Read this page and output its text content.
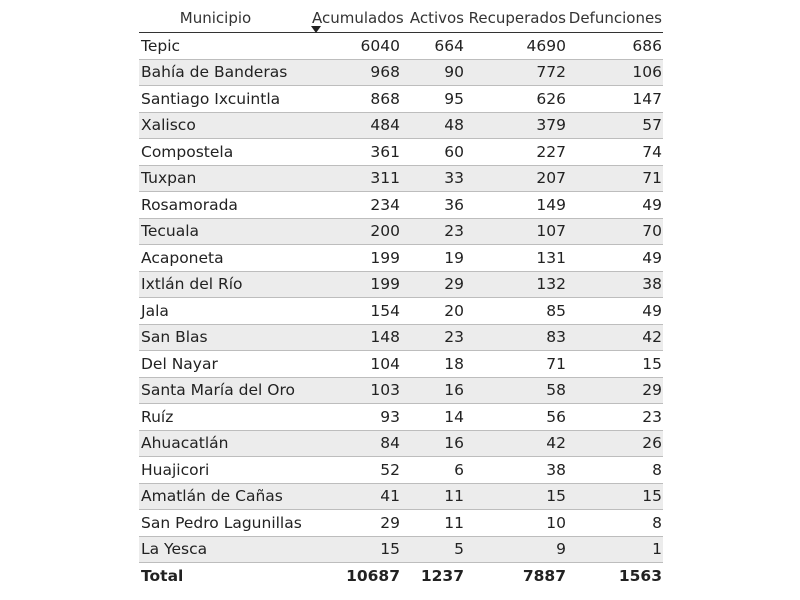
Municipio	Acumulados	Activos	Recuperados	Defunciones
Tepic	6040	664	4690	686
Bahía de Banderas	968	90	772	106
Santiago Ixcuintla	868	95	626	147
Xalisco	484	48	379	57
Compostela	361	60	227	74
Tuxpan	311	33	207	71
Rosamorada	234	36	149	49
Tecuala	200	23	107	70
Acaponeta	199	19	131	49
Ixtlán del Río	199	29	132	38
Jala	154	20	85	49
San Blas	148	23	83	42
Del Nayar	104	18	71	15
Santa María del Oro	103	16	58	29
Ruíz	93	14	56	23
Ahuacatlán	84	16	42	26
Huajicori	52	6	38	8
Amatlán de Cañas	41	11	15	15
San Pedro Lagunillas	29	11	10	8
La Yesca	15	5	9	1
Total	10687	1237	7887	1563
